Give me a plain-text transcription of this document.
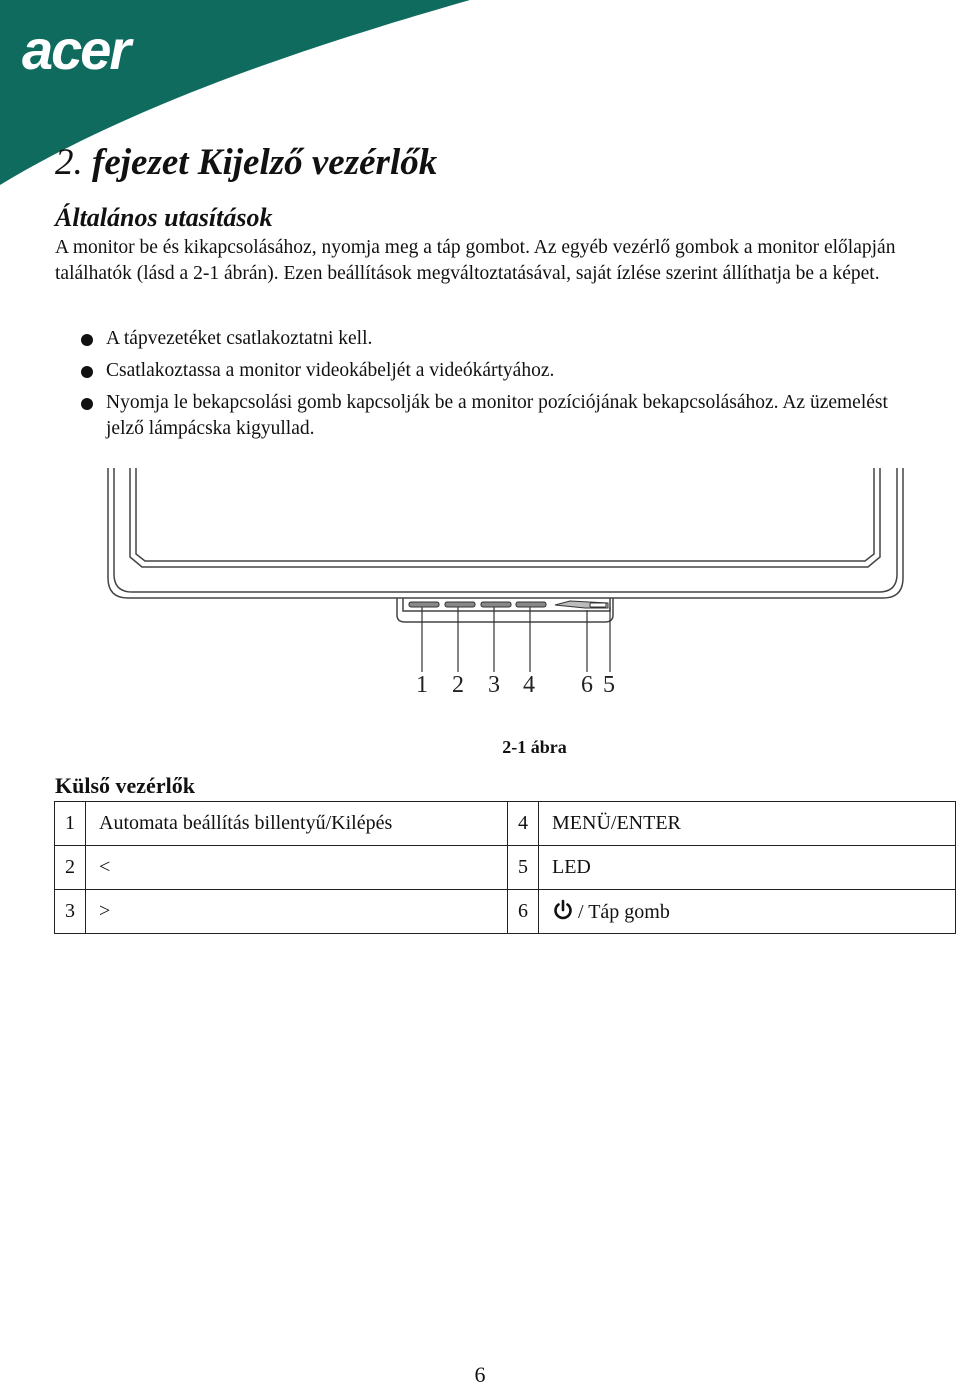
acer
2. fejezet Kijelző vezérlők
Általános utasítások

A monitor be és kikapcsolásához, nyomja meg a táp gombot. Az egyéb vezérlő gombok a monitor előlapján találhatók (lásd a 2-1 ábrán). Ezen beállítások megváltoztatásával, saját ízlése szerint állíthatja be a képet.

A tápvezetéket csatlakoztatni kell.
Csatlakoztassa a monitor videokábeljét a videókártyához.
Nyomja le bekapcsolási gomb kapcsolják be a monitor pozíciójának bekapcsolásához. Az üzemelést jelző lámpácska kigyullad.
1 2 3 4 6 5

2-1 ábra

Külső vezérlők
1	Automata beállítás billentyű/Kilépés	4	MENÜ/ENTER
2	<	5	LED
3	>	6	/ Táp gomb

6
